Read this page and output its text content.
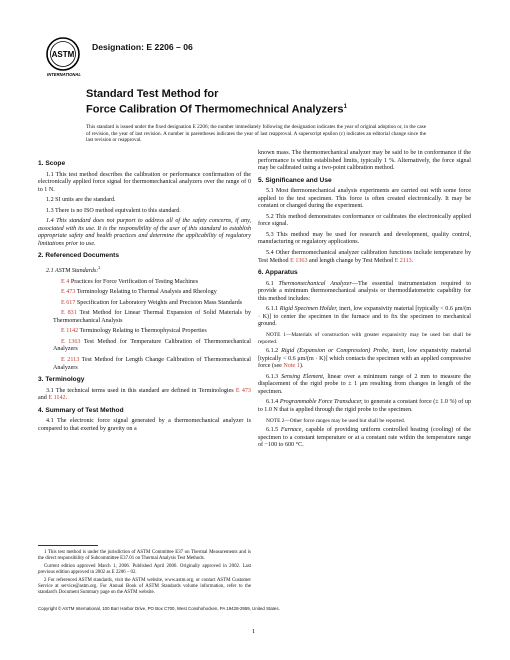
ASTM
INTERNATIONAL
Designation: E 2206 – 06
Standard Test Method for
Force Calibration Of Thermomechnical Analyzers$^1$
This standard is issued under the fixed designation E 2206; the number immediately following the designation indicates the year of original adoption or, in the case of revision, the year of last revision. A number in parentheses indicates the year of last reapproval. A superscript epsilon (ε) indicates an editorial change since the last revision or reapproval.
1. Scope

1.1 This test method describes the calibration or performance confirmation of the electronically applied force signal for thermomechanical analyzers over the range of 0 to 1 N.

1.2 SI units are the standard.

1.3 There is no ISO method equivalent to this standard.

1.4 This standard does not purport to address all of the safety concerns, if any, associated with its use. It is the responsibility of the user of this standard to establish appropriate safety and health practices and determine the applicability of regulatory limitations prior to use.

2. Referenced Documents

2.1 ASTM Standards:$^2$

E 4 Practices for Force Verification of Testing Machines

E 473 Terminology Relating to Thermal Analysis and Rheology

E 617 Specification for Laboratory Weights and Precision Mass Standards

E 831 Test Method for Linear Thermal Expansion of Solid Materials by Thermomechanical Analysis

E 1142 Terminology Relating to Thermophysical Properties

E 1363 Test Method for Temperature Calibration of Thermomechanical Analyzers

E 2113 Test Method for Length Change Calibration of Thermomechanical Analyzers

3. Terminology

3.1 The technical terms used in this standard are defined in Terminologies E 473 and E 1142.

4. Summary of Test Method

4.1 The electronic force signal generated by a thermomechanical analyzer is compared to that exerted by gravity on a

1 This test method is under the jurisdiction of ASTM Committee E37 on Thermal Measurements and is the direct responsibility of Subcommittee E37.01 on Thermal Analysis Test Methods.

Current edition approved March 1, 2006. Published April 2006. Originally approved in 2002. Last previous edition approved in 2002 as E 2206 – 02.

2 For referenced ASTM standards, visit the ASTM website, www.astm.org, or contact ASTM Customer Service at service@astm.org. For Annual Book of ASTM Standards volume information, refer to the standard's Document Summary page on the ASTM website.

known mass. The thermomechanical analyzer may be said to be in conformance if the performance is within established limits, typically 1 %. Alternatively, the force signal may be calibrated using a two-point calibration method.

5. Significance and Use

5.1 Most thermomechanical analysis experiments are carried out with some force applied to the test specimen. This force is often created electronically. It may be constant or changed during the experiment.

5.2 This method demonstrates conformance or calibrates the electronically applied force signal.

5.3 This method may be used for research and development, quality control, manufacturing or regulatory applications.

5.4 Other thermomechanical analyzer calibration functions include temperature by Test Method E 1363 and length change by Test Method E 2113.

6. Apparatus

6.1 Thermomechanical Analyzer—The essential instrumentation required to provide a minimum thermomechanical analysis or thermodilatometric capability for this method includes:

6.1.1 Rigid Specimen Holder, inert, low expansivity material [typically < 0.6 μm/(m · K)] to center the specimen in the furnace and to fix the specimen to mechanical ground.

NOTE 1—Materials of construction with greater expansivity may be used but shall be reported.

6.1.2 Rigid (Expansion or Compression) Probe, inert, low expansivity material [typically < 0.6 μm/(m · K)] which contacts the specimen with an applied compressive force (see Note 1).

6.1.3 Sensing Element, linear over a minimum range of 2 mm to measure the displacement of the rigid probe to ± 1 μm resulting from changes in length of the specimen.

6.1.4 Programmable Force Transducer, to generate a constant force (± 1.0 %) of up to 1.0 N that is applied through the rigid probe to the specimen.

NOTE 2—Other force ranges may be used but shall be reported.

6.1.5 Furnace, capable of providing uniform controlled heating (cooling) of the specimen to a constant temperature or at a constant rate within the temperature range of −100 to 600 °C.

Copyright © ASTM International, 100 Barr Harbor Drive, PO Box C700, West Conshohocken, PA 19428-2959, United States.
1
